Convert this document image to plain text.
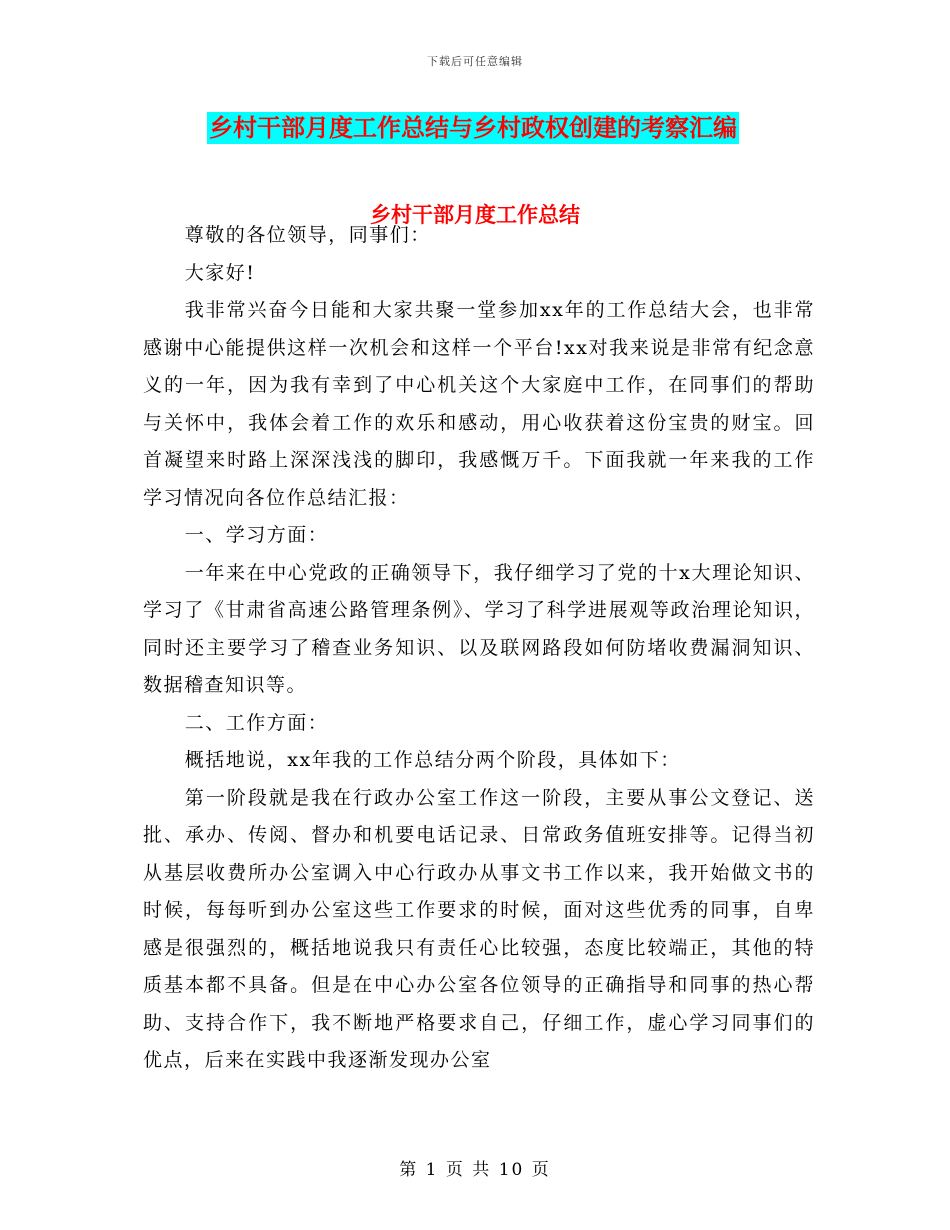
下载后可任意编辑
乡村干部月度工作总结与乡村政权创建的考察汇编
乡村干部月度工作总结

尊敬的各位领导，同事们：

大家好!

我非常兴奋今日能和大家共聚一堂参加xx年的工作总结大会，也非常感谢中心能提供这样一次机会和这样一个平台!xx对我来说是非常有纪念意义的一年，因为我有幸到了中心机关这个大家庭中工作，在同事们的帮助与关怀中，我体会着工作的欢乐和感动，用心收获着这份宝贵的财宝。回首凝望来时路上深深浅浅的脚印，我感慨万千。下面我就一年来我的工作学习情况向各位作总结汇报：

一、学习方面：

一年来在中心党政的正确领导下，我仔细学习了党的十x大理论知识、学习了《甘肃省高速公路管理条例》、学习了科学进展观等政治理论知识，同时还主要学习了稽查业务知识、以及联网路段如何防堵收费漏洞知识、数据稽查知识等。

二、工作方面：

概括地说，xx年我的工作总结分两个阶段，具体如下：

第一阶段就是我在行政办公室工作这一阶段，主要从事公文登记、送批、承办、传阅、督办和机要电话记录、日常政务值班安排等。记得当初从基层收费所办公室调入中心行政办从事文书工作以来，我开始做文书的时候，每每听到办公室这些工作要求的时候，面对这些优秀的同事，自卑感是很强烈的，概括地说我只有责任心比较强，态度比较端正，其他的特质基本都不具备。但是在中心办公室各位领导的正确指导和同事的热心帮助、支持合作下，我不断地严格要求自己，仔细工作，虚心学习同事们的优点，后来在实践中我逐渐发现办公室

第 1 页 共 10 页
